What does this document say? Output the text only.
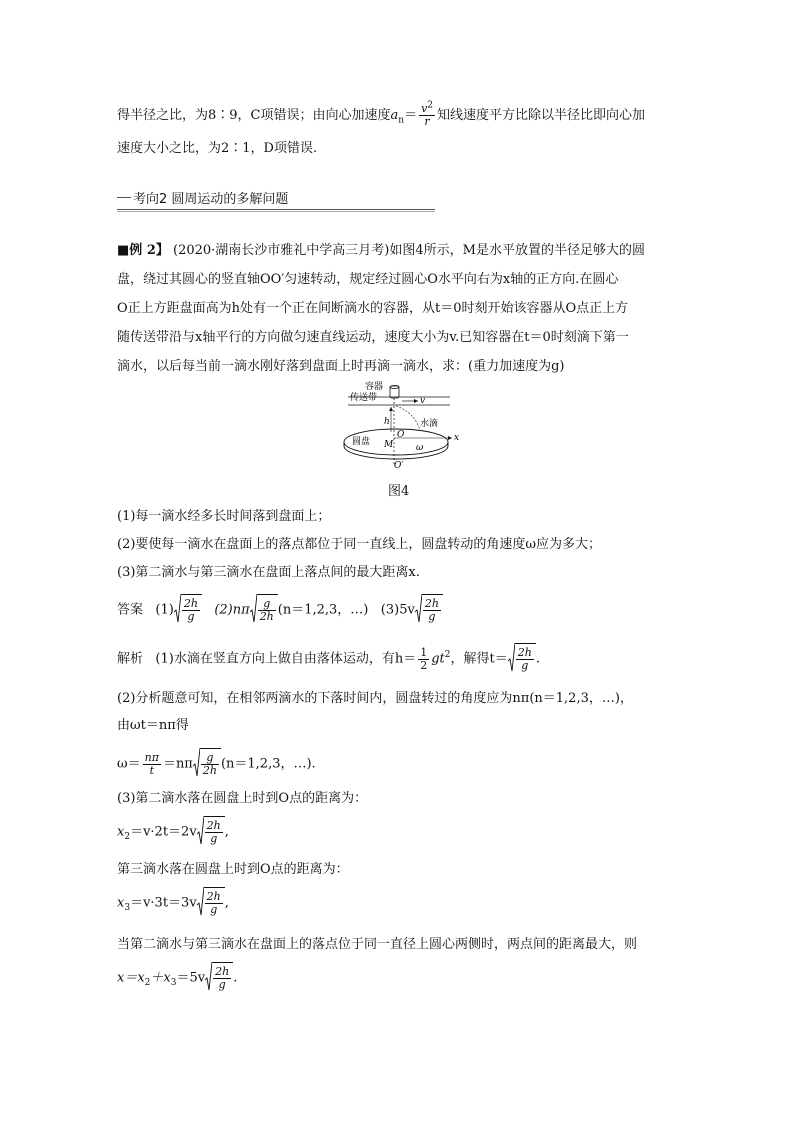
得半径之比，为8∶9，C项错误；由向心加速度$a_n= \frac{v^2}{r}$ 知线速度平方比除以半径比即向心加
速度大小之比，为2∶1，D项错误.
考向2 圆周运动的多解问题
■例 2】 (2020·湖南长沙市雅礼中学高三月考)如图4所示，M是水平放置的半径足够大的圆
盘，绕过其圆心的竖直轴OO′匀速转动，规定经过圆心O水平向右为x轴的正方向.在圆心
O正上方距盘面高为h处有一个正在间断滴水的容器，从t＝0时刻开始该容器从O点正上方
随传送带沿与x轴平行的方向做匀速直线运动，速度大小为v.已知容器在t＝0时刻滴下第一
滴水，以后每当前一滴水刚好落到盘面上时再滴一滴水，求：(重力加速度为g)
容器
传送带	v
h	水滴
x
O
圆盘 M	ω
O′
图4
(1)每一滴水经多长时间落到盘面上；
(2)要使每一滴水在盘面上的落点都位于同一直线上，圆盘转动的角速度ω应为多大；
(3)第二滴水与第三滴水在盘面上落点间的最大距离x.
答案 $(1) \frac{2h}{g} (2)n\pi \frac{g}{2h} (n=1,2,3$，…) $(3)5v \frac{2h}{g}$
解析 (1)水滴在竖直方向上做自由落体运动，有$h= \frac{1}{2} gt^2$，解得$t= \frac{2h}{g}$ .
(2)分析题意可知，在相邻两滴水的下落时间内，圆盘转过的角度应为nπ(n＝1,2,3，…)，
由ωt＝nπ得
$\omega= \frac{n\pi}{t} =n\pi \frac{g}{2h} (n=1,2,3$，…).
(3)第二滴水落在圆盘上时到O点的距离为：
$x_2=v\cdot 2t=2v \frac{2h}{g}$ ,
第三滴水落在圆盘上时到O点的距离为：
$x_3=v\cdot 3t=3v \frac{2h}{g}$ ,
当第二滴水与第三滴水在盘面上的落点位于同一直径上圆心两侧时，两点间的距离最大，则
$x=x_2+x_3=5v \frac{2h}{g}$ .
